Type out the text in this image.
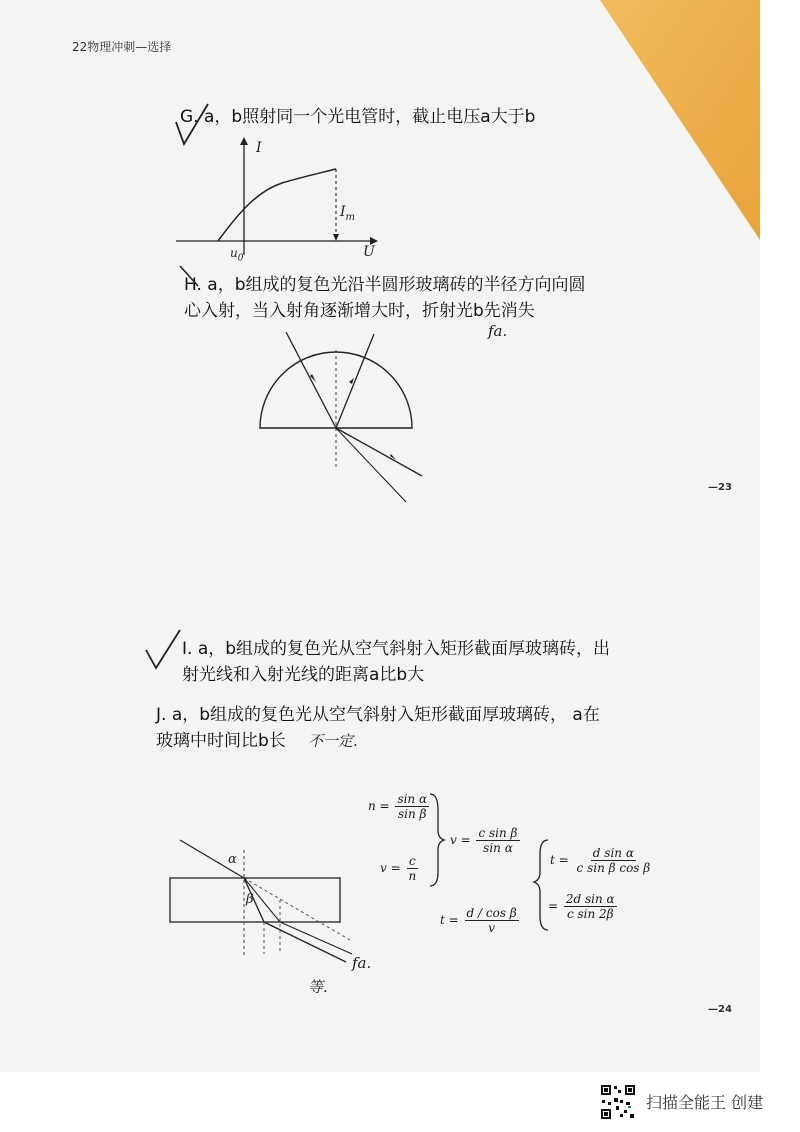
22物理冲刺—选择
—23
—24
G. a，b照射同一个光电管时，截止电压a大于b
I
U
$I_m$
$u_0$
H. a，b组成的复色光沿半圆形玻璃砖的半径方向向圆
心入射，当入射角逐渐增大时，折射光b先消失
fa.
I. a，b组成的复色光从空气斜射入矩形截面厚玻璃砖，出
射光线和入射光线的距离a比b大
J. a，b组成的复色光从空气斜射入矩形截面厚玻璃砖， a在
玻璃中时间比b长 不一定.
α
β
fa.
等.
$n = \frac{\text{sin α}}{\text{sin β}}$
$v = \frac{c}{n}$
$v = \frac{\text{c sin β}}{\text{sin α}}$
$t = \frac{\text{d / cos β}}{v}$
$t = \frac{\text{d sin α}}{\text{c sin β cos β}}$
= $\frac{\text{2d sin α}}{\text{c sin 2β}}$
扫描全能王 创建
